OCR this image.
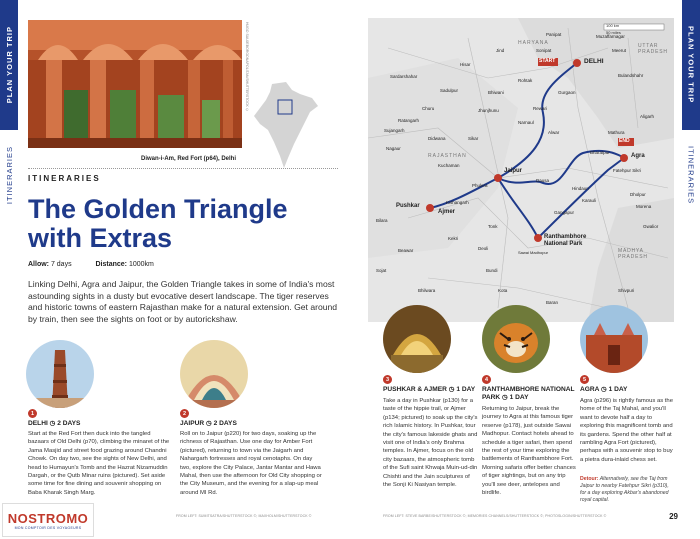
PLAN YOUR TRIP
ITINERARIES
PLAN YOUR TRIP
ITINERARIES
HUGO SAUJEBORGONAPOLITAN/SHUTTERSTOCK ©
Diwan-i-Am, Red Fort (p64), Delhi
ITINERARIES
The Golden Triangle with Extras
Allow: 7 days	Distance: 1000km

Linking Delhi, Agra and Jaipur, the Golden Triangle takes in some of India's most astounding sights in a dusty but evocative desert landscape. The tiger reserves and historic towns of eastern Rajasthan make for a natural extension. Get around by train, then see the sights on foot or by autorickshaw.

100 km
50 miles
START
END
DELHI
Jaipur
Pushkar
Ajmer
Ranthambhore National Park
Agra
Fatehpur Sikri
HARYANA	UTTAR PRADESH
RAJASTHAN
MADHYA PRADESH
Gurgaon
Alwar
Sikar
Jhunjhunu
Bharatpur
Dausa
Hindaun
Karauli
Gangapur
Tonk
Kekri
Bundi
Kota
Sawai Madhopur
Dholpur
Morena
Gwalior
Rohtak
Sonipat
Mathura
Aligarh
Bulandshahr
Meerut
Rewari
Narnaul
Kuchaman
Nagaur
Beawar
Bhilwara
Kishangarh
Phulera
Didwana
Sadulpur	Bhiwani
Hisar
Jind
Panipat	Muzaffarnagar
Sardarshahar
Churu
Ratangarh
Sujangarh
Bilara
Sojat
Deoli
Baran
Shivpuri
1
DELHI ◷ 2 DAYS

Start at the Red Fort then duck into the tangled bazaars of Old Delhi (p70), climbing the minaret of the Jama Masjid and street food grazing around Chandni Chowk. On day two, see the sights of New Delhi, and head to Humayun's Tomb and the Hazrat Nizamuddin Dargah, or the Qutb Minar ruins (pictured). Set aside some time for fine dining and souvenir shopping on Baba Kharak Singh Marg.

2
JAIPUR ◷ 2 DAYS

Roll on to Jaipur (p220) for two days, soaking up the richness of Rajasthan. Use one day for Amber Fort (pictured), returning to town via the Jaigarh and Nahargarh fortresses and royal cenotaphs. On day two, explore the City Palace, Jantar Mantar and Hawa Mahal, then use the afternoon for Old City shopping or the City Museum, and the evening for a slap-up meal around MI Rd.

3
PUSHKAR & AJMER ◷ 1 DAY

Take a day in Pushkar (p130) for a taste of the hippie trail, or Ajmer (p134; pictured) to soak up the city's rich Islamic history. In Pushkar, tour the city's famous lakeside ghats and visit one of India's only Brahma temples. In Ajmer, focus on the old city bazaars, the atmospheric tomb of the Sufi saint Khwaja Muin-ud-din Chishti and the Jain sculptures of the Sonji Ki Nasiyan temple.

4
RANTHAMBHORE NATIONAL PARK ◷ 1 DAY

Returning to Jaipur, break the journey to Agra at this famous tiger reserve (p178), just outside Sawai Madhopur. Contact hotels ahead to schedule a tiger safari, then spend the rest of your time exploring the battlements of Ranthambhore Fort. Morning safaris offer better chances of tiger sightings, but on any trip you'll see deer, antelopes and birdlife.

5
AGRA ◷ 1 DAY

Agra (p296) is rightly famous as the home of the Taj Mahal, and you'll want to devote half a day to exploring this magnificent tomb and its gardens. Spend the other half at rambling Agra Fort (pictured), perhaps with a souvenir stop to buy a pietra dura-inlaid chess set.

Detour: Alternatively, see the Taj from Jaipur to nearby Fatehpur Sikri (p310), for a day exploring Akbar's abandoned royal capital.

FROM LEFT: SUMITSATRA/SHUTTERSTOCK ©; MAXHOLM/SHUTTERSTOCK ©	FROM LEFT: STEVE BARBE/SHUTTERSTOCK ©; MEMORIES CHANNELS/SHUTTERSTOCK ©; PHOTOSLOGIN/SHUTTERSTOCK ©	29
NOSTROMO
MON COMPTOIR DES VOYAGEURS
